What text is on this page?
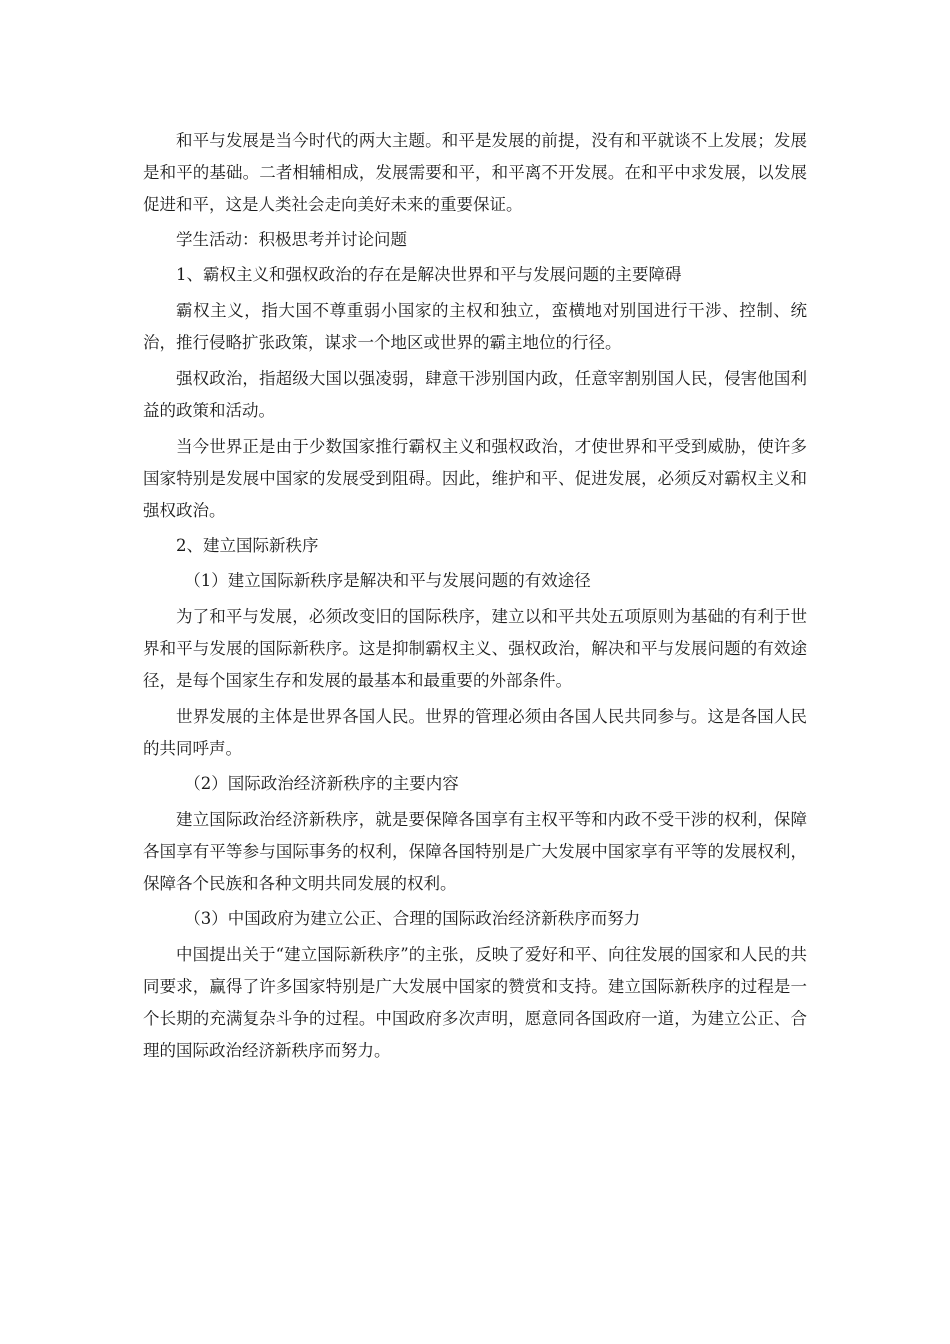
和平与发展是当今时代的两大主题。和平是发展的前提，没有和平就谈不上发展；发展是和平的基础。二者相辅相成，发展需要和平，和平离不开发展。在和平中求发展，以发展促进和平，这是人类社会走向美好未来的重要保证。

学生活动：积极思考并讨论问题

1、霸权主义和强权政治的存在是解决世界和平与发展问题的主要障碍

霸权主义，指大国不尊重弱小国家的主权和独立，蛮横地对别国进行干涉、控制、统治，推行侵略扩张政策，谋求一个地区或世界的霸主地位的行径。

强权政治，指超级大国以强凌弱，肆意干涉别国内政，任意宰割别国人民，侵害他国利益的政策和活动。

当今世界正是由于少数国家推行霸权主义和强权政治，才使世界和平受到威胁，使许多国家特别是发展中国家的发展受到阻碍。因此，维护和平、促进发展，必须反对霸权主义和强权政治。

2、建立国际新秩序

（1）建立国际新秩序是解决和平与发展问题的有效途径

为了和平与发展，必须改变旧的国际秩序，建立以和平共处五项原则为基础的有利于世界和平与发展的国际新秩序。这是抑制霸权主义、强权政治，解决和平与发展问题的有效途径，是每个国家生存和发展的最基本和最重要的外部条件。

世界发展的主体是世界各国人民。世界的管理必须由各国人民共同参与。这是各国人民的共同呼声。

（2）国际政治经济新秩序的主要内容

建立国际政治经济新秩序，就是要保障各国享有主权平等和内政不受干涉的权利，保障各国享有平等参与国际事务的权利，保障各国特别是广大发展中国家享有平等的发展权利，保障各个民族和各种文明共同发展的权利。

（3）中国政府为建立公正、合理的国际政治经济新秩序而努力

中国提出关于“建立国际新秩序”的主张，反映了爱好和平、向往发展的国家和人民的共同要求，赢得了许多国家特别是广大发展中国家的赞赏和支持。建立国际新秩序的过程是一个长期的充满复杂斗争的过程。中国政府多次声明，愿意同各国政府一道，为建立公正、合理的国际政治经济新秩序而努力。
